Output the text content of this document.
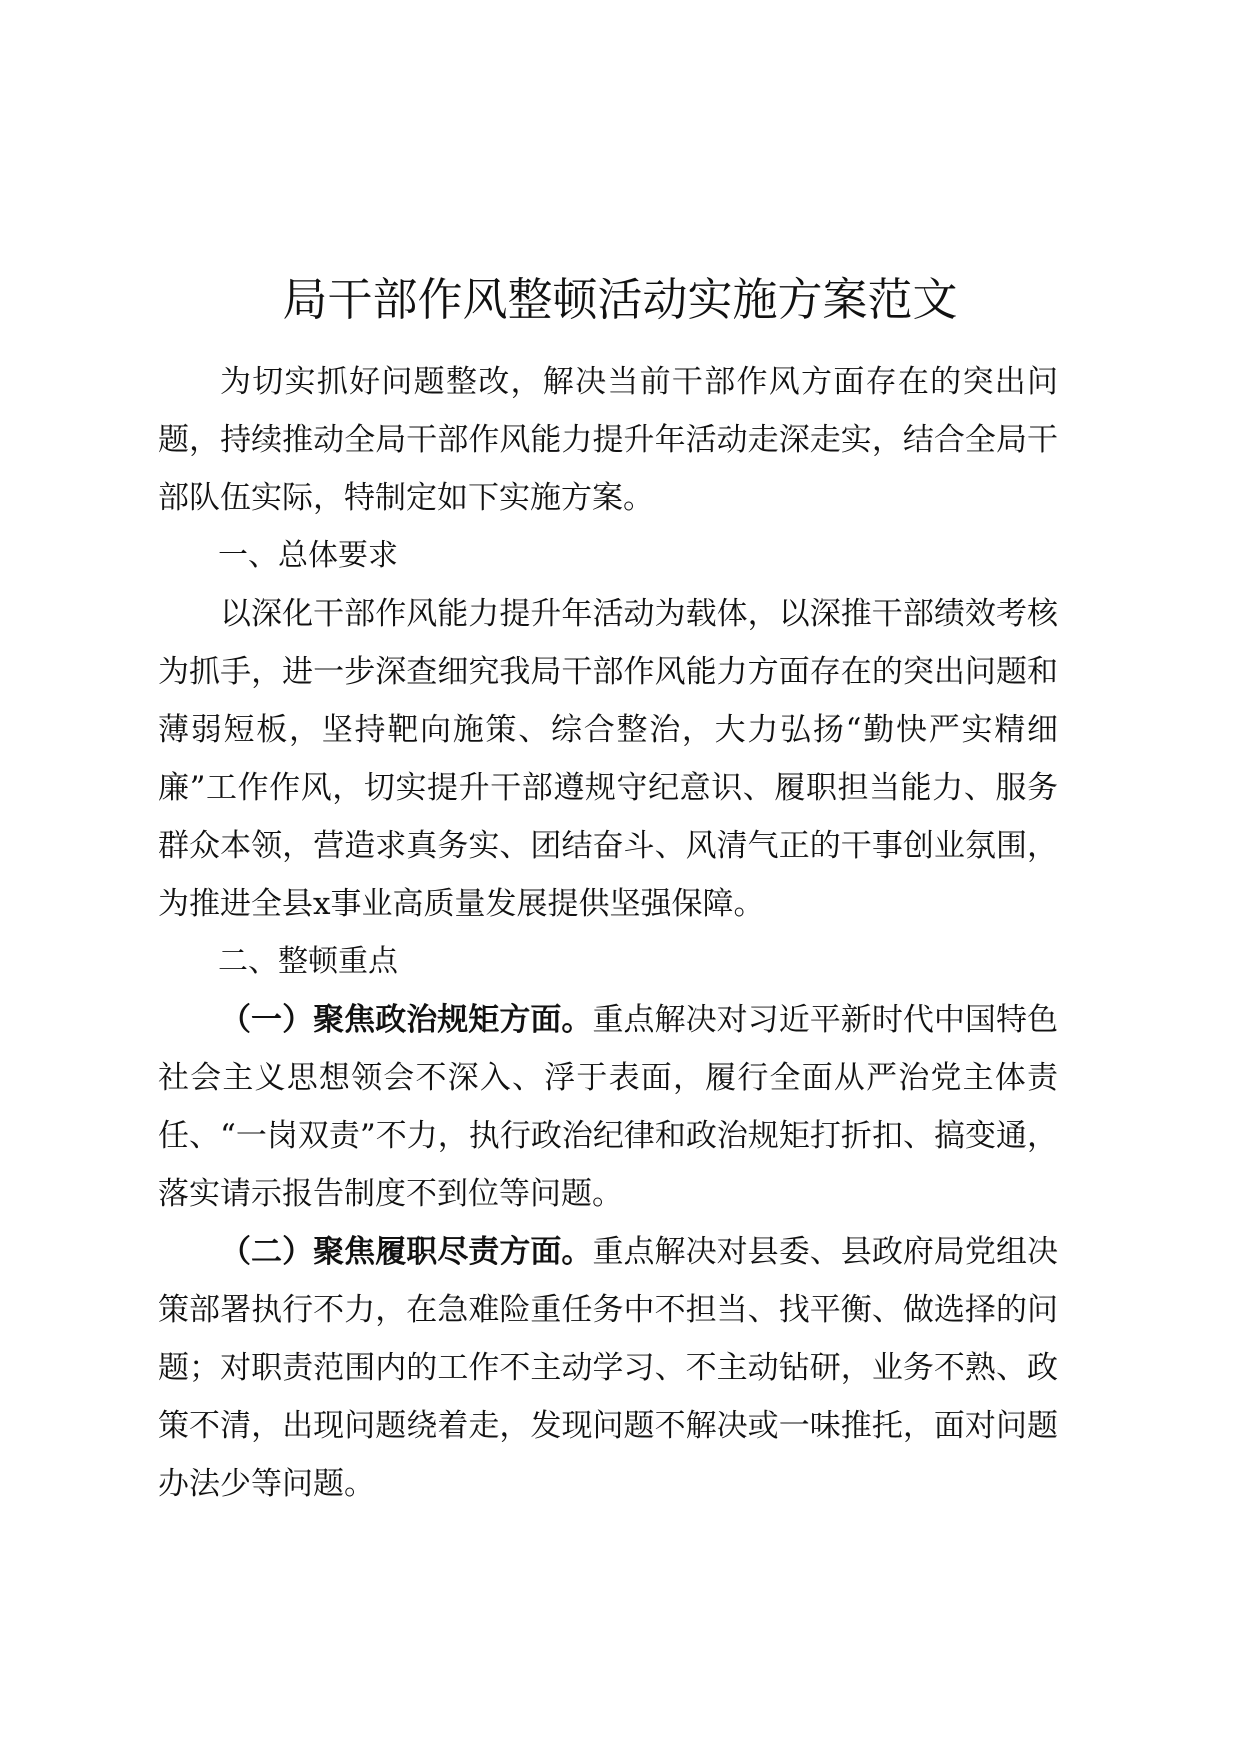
局干部作风整顿活动实施方案范文

为切实抓好问题整改，解决当前干部作风方面存在的突出问题，持续推动全局干部作风能力提升年活动走深走实，结合全局干部队伍实际，特制定如下实施方案。

一、总体要求

以深化干部作风能力提升年活动为载体，以深推干部绩效考核为抓手，进一步深查细究我局干部作风能力方面存在的突出问题和薄弱短板，坚持靶向施策、综合整治，大力弘扬“勤快严实精细廉”工作作风，切实提升干部遵规守纪意识、履职担当能力、服务群众本领，营造求真务实、团结奋斗、风清气正的干事创业氛围，为推进全县x事业高质量发展提供坚强保障。

二、整顿重点

（一）聚焦政治规矩方面。重点解决对习近平新时代中国特色社会主义思想领会不深入、浮于表面，履行全面从严治党主体责任、“一岗双责”不力，执行政治纪律和政治规矩打折扣、搞变通，落实请示报告制度不到位等问题。

（二）聚焦履职尽责方面。重点解决对县委、县政府局党组决策部署执行不力，在急难险重任务中不担当、找平衡、做选择的问题；对职责范围内的工作不主动学习、不主动钻研，业务不熟、政策不清，出现问题绕着走，发现问题不解决或一味推托，面对问题办法少等问题。
